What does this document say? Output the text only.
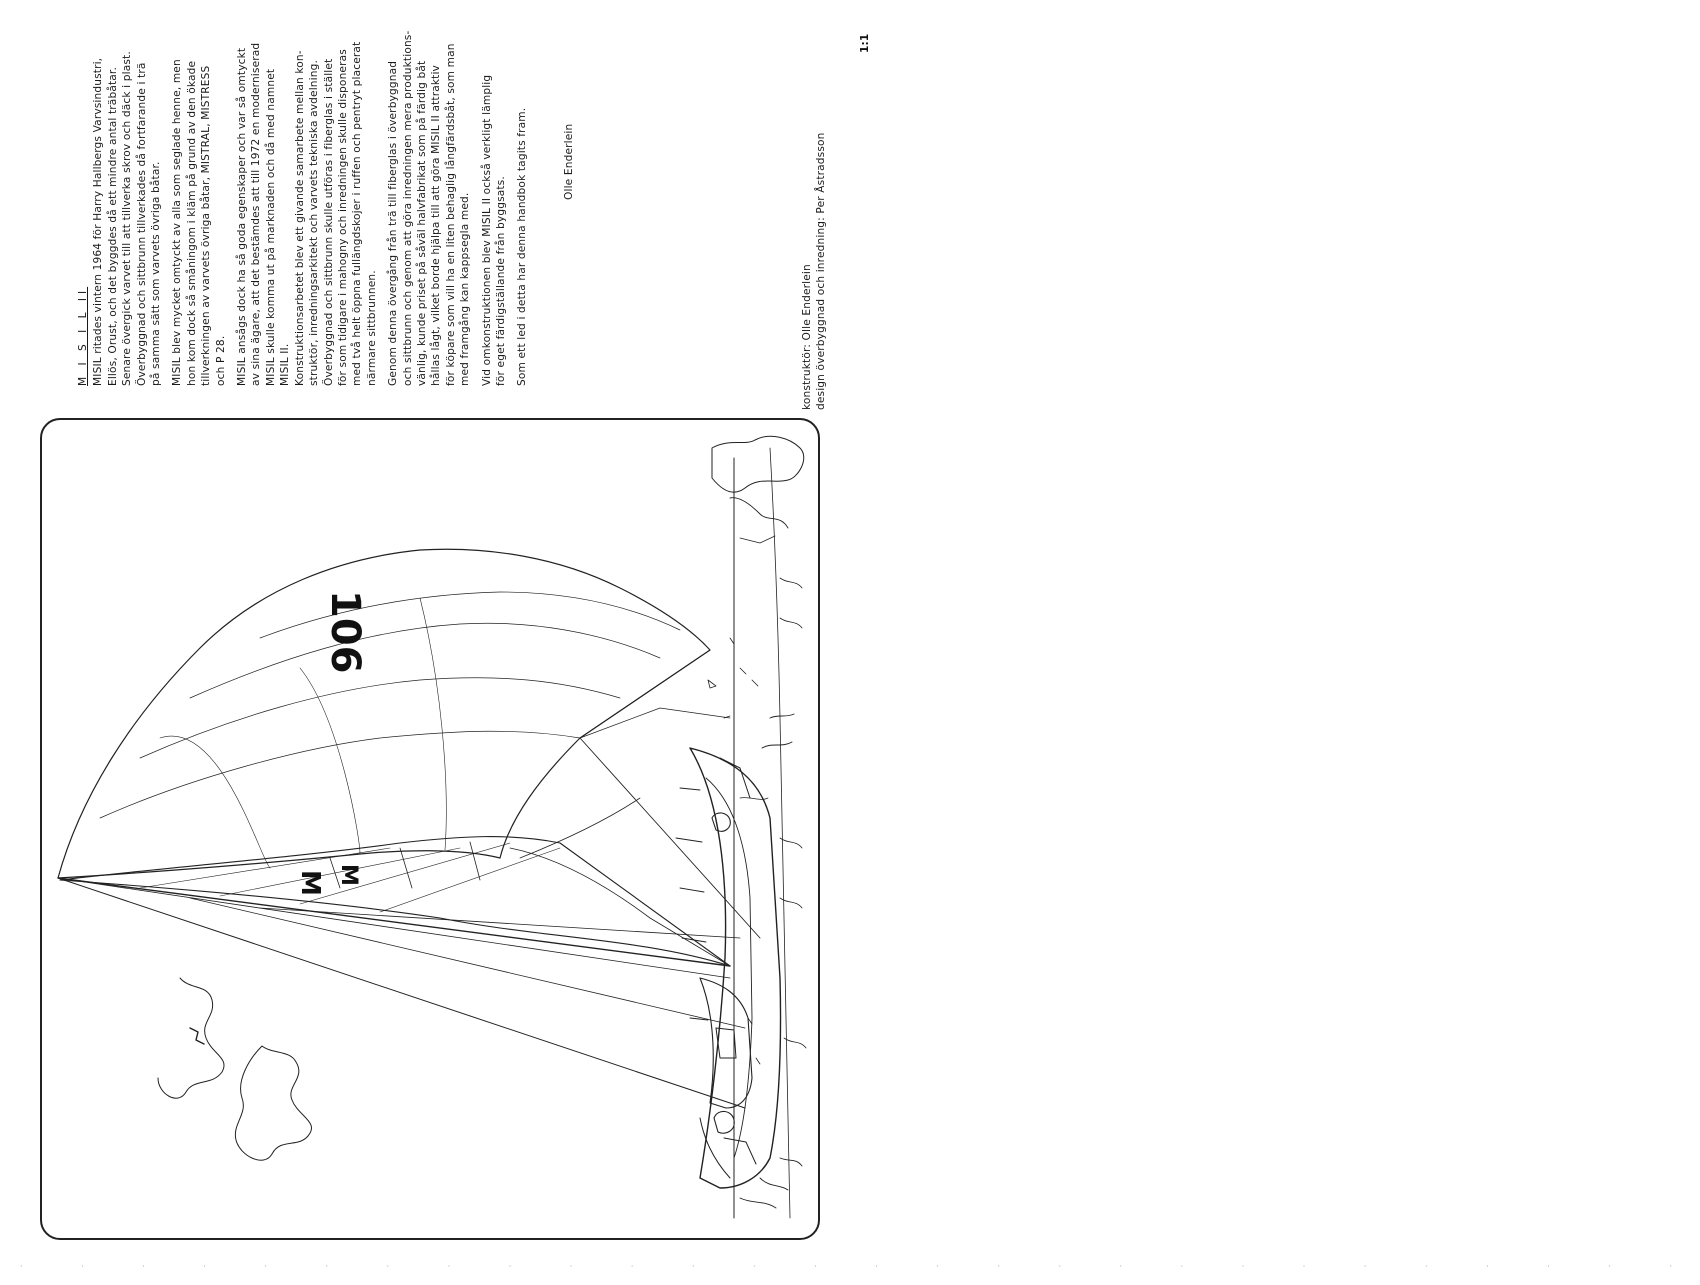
1:1
M I S I L II MISIL ritades vintern 1964 för Harry Hallbergs Varvsindustri, Ellös, Orust, och det byggdes då ett mindre antal träbåtar. Senare övergick varvet till att tillverka skrov och däck i plast. Överbyggnad och sittbrunn tillverkades då fortfarande i trä på samma sätt som varvets övriga båtar. MISIL blev mycket omtyckt av alla som seglade henne, men hon kom dock så småningom i kläm på grund av den ökade tillverkningen av varvets övriga båtar, MISTRAL, MISTRESS och P 28. MISIL ansågs dock ha så goda egenskaper och var så omtyckt av sina ägare, att det bestämdes att till 1972 en moderniserad MISIL skulle komma ut på marknaden och då med namnet MISIL II. Konstruktionsarbetet blev ett givande samarbete mellan kon- struktör, inredningsarkitekt och varvets tekniska avdelning. Överbyggnad och sittbrunn skulle utföras i fiberglas i stället för som tidigare i mahogny och inredningen skulle disponeras med två helt öppna fullängdskojer i ruffen och pentryt placerat närmare sittbrunnen. Genom denna övergång från trä till fiberglas i överbyggnad och sittbrunn och genom att göra inredningen mera produktions- vänlig, kunde priset på såväl halvfabrikat som på färdig båt hållas lågt, vilket borde hjälpa till att göra MISIL II attraktiv för köpare som vill ha en liten behaglig långfärdsbåt, som man med framgång kan kappsegla med. Vid omkonstruktionen blev MISIL II också verkligt lämplig för eget färdigställande från byggsats. Som ett led i detta har denna handbok tagits fram.	Olle Enderlein
konstruktör: Olle Enderlein design överbyggnad och inredning: Per Åstradsson
106
M M
· · · · · · · · · · · · · · · · · · · · · · · · · · · ·
